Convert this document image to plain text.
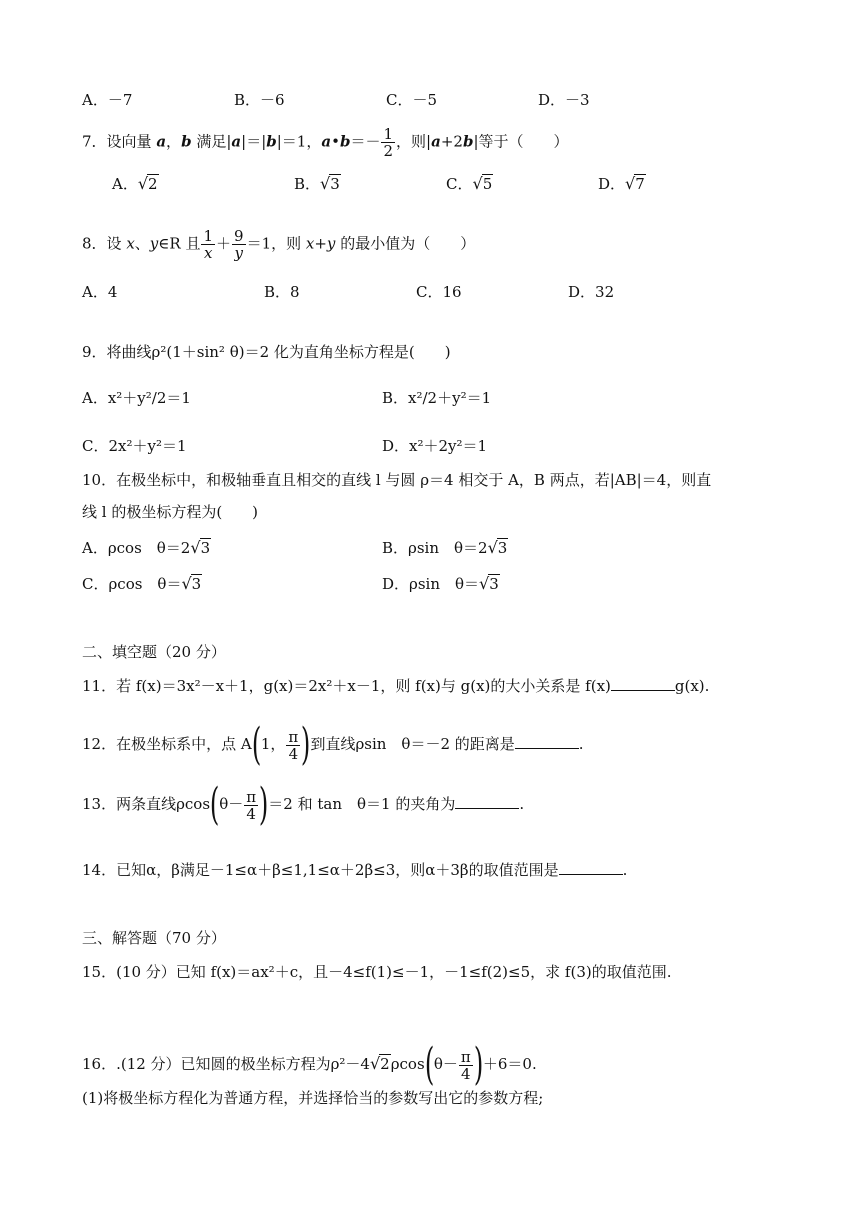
A．－7	B．－6	C．－5	D．－3
7．设向量 a，b 满足|a|＝|b|＝1，a•b＝－ $\frac{1}{2}$ ，则|a+2b|等于（　　）
A．√2	B．√3	C．√5	D．√7
8．设 x、y∈R 且 $\frac{1}{x} + \frac{9}{y} =1$，则 x+y 的最小值为（　　）
A．4	B．8	C．16	D．32
9．将曲线ρ²(1＋sin² θ)＝2 化为直角坐标方程是(　　)
A．x²＋y²/2＝1	B．x²/2＋y²＝1
C．2x²＋y²＝1	D．x²＋2y²＝1
10．在极坐标中，和极轴垂直且相交的直线 l 与圆 ρ＝4 相交于 A，B 两点，若|AB|＝4，则直
线 l 的极坐标方程为(　　)
A．ρcos　θ＝2√3	B．ρsin　θ＝2√3
C．ρcos　θ＝√3	D．ρsin　θ＝√3
二、填空题（20 分）
11．若 f(x)＝3x²－x＋1，g(x)＝2x²＋x－1，则 f(x)与 g(x)的大小关系是 f(x)	g(x).
12．在极坐标系中，点 A(1， $\frac{\pi}{4}$ )到直线ρsin　θ＝－2 的距离是	.
13．两条直线$\rho\cos(\theta- \frac{\pi}{4} )=2$ 和 tan　θ＝1 的夹角为	.
14．已知α，β满足－1≤α＋β≤1,1≤α＋2β≤3，则α＋3β的取值范围是	.
三、解答题（70 分）
15．(10 分）已知 f(x)＝ax²＋c，且－4≤f(1)≤－1，－1≤f(2)≤5，求 f(3)的取值范围.
16．.(12 分）已知圆的极坐标方程为$\rho^2-4√2\rho\cos(\theta- \frac{\pi}{4} )+6=0$.
(1)将极坐标方程化为普通方程，并选择恰当的参数写出它的参数方程;
